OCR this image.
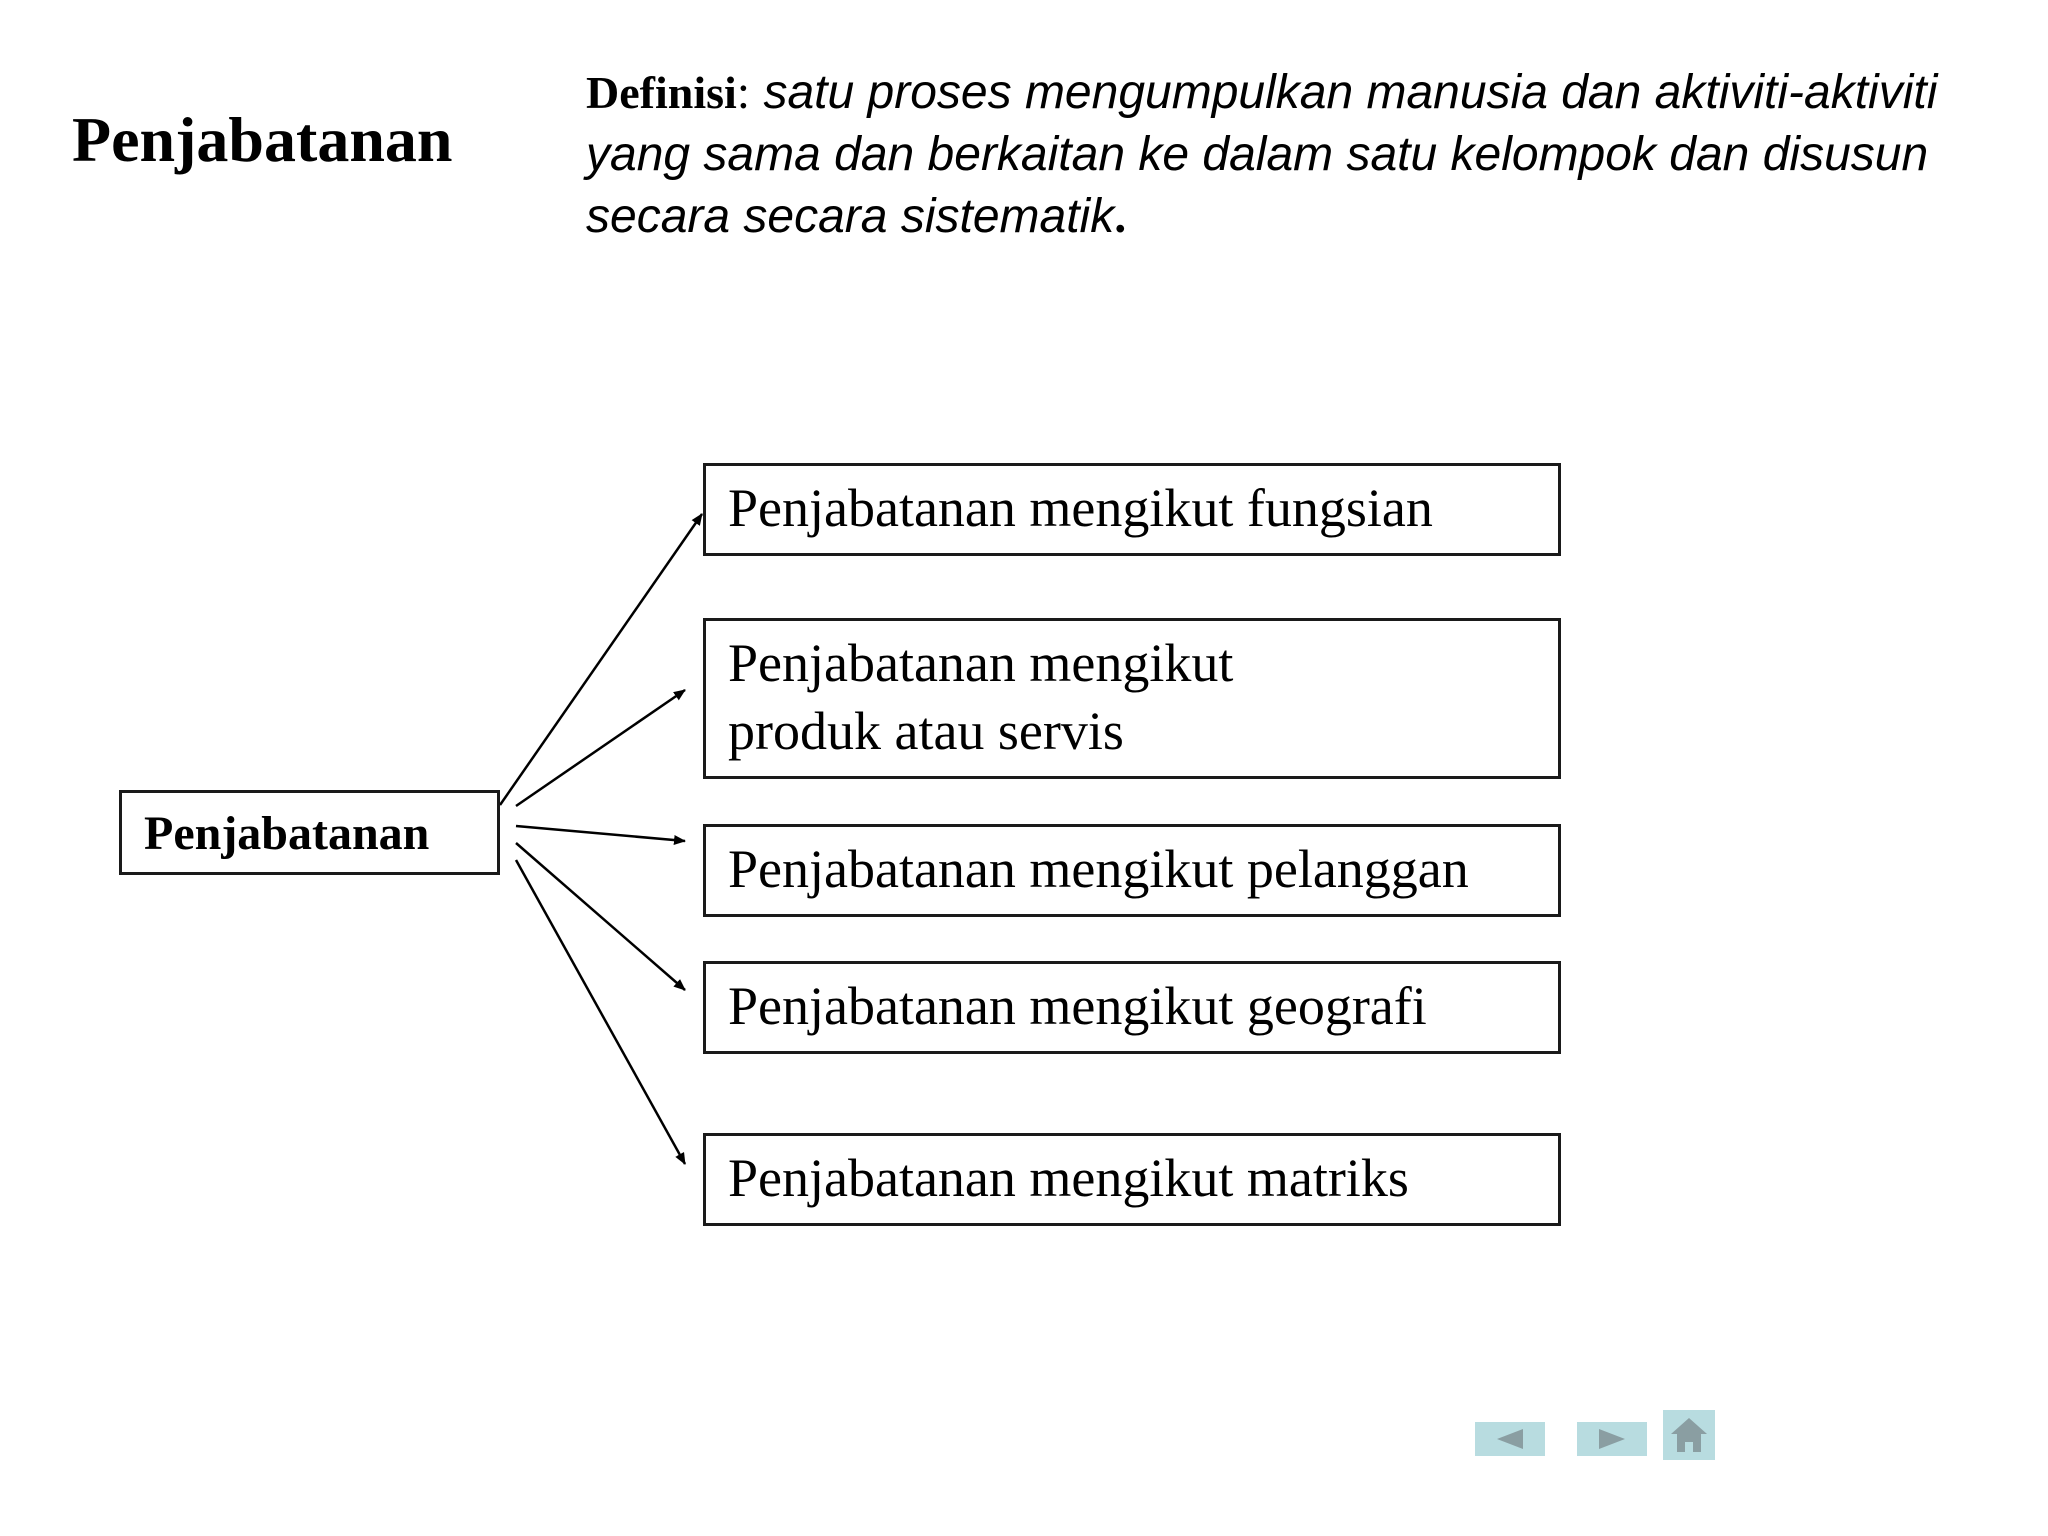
Penjabatanan
Definisi: satu proses mengumpulkan manusia dan aktiviti-aktiviti yang sama dan berkaitan ke dalam satu kelompok dan disusun secara secara sistematik.
Penjabatanan
Penjabatanan mengikut fungsian
Penjabatanan mengikut produk atau servis
Penjabatanan mengikut pelanggan
Penjabatanan mengikut geografi
Penjabatanan mengikut matriks
